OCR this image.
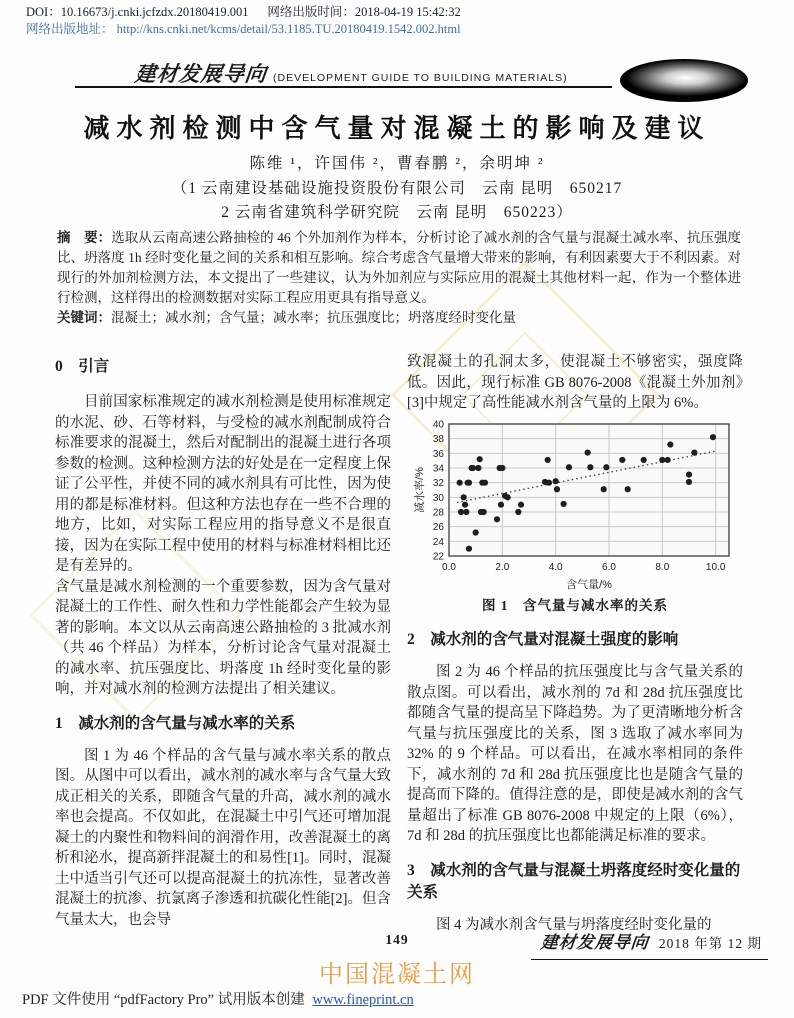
DOI：10.16673/j.cnki.jcfzdx.20180419.001 　 网络出版时间：2018-04-19 15:42:32
网络出版地址： http://kns.cnki.net/kcms/detail/53.1185.TU.20180419.1542.002.html
建材发展导向 (DEVELOPMENT GUIDE TO BUILDING MATERIALS)
减水剂检测中含气量对混凝土的影响及建议
陈维 ¹，许国伟 ²，曹春鹏 ²，余明坤 ²
（1 云南建设基础设施投资股份有限公司　云南 昆明　650217
2 云南省建筑科学研究院　云南 昆明　650223）

摘　要：选取从云南高速公路抽检的 46 个外加剂作为样本，分析讨论了减水剂的含气量与混凝土减水率、抗压强度比、坍落度 1h 经时变化量之间的关系和相互影响。综合考虑含气量增大带来的影响，有利因素要大于不利因素。对现行的外加剂检测方法，本文提出了一些建议，认为外加剂应与实际应用的混凝土其他材料一起，作为一个整体进行检测，这样得出的检测数据对实际工程应用更具有指导意义。

关键词：混凝土；减水剂；含气量；减水率；抗压强度比；坍落度经时变化量

0　引言

目前国家标准规定的减水剂检测是使用标准规定的水泥、砂、石等材料，与受检的减水剂配制成符合标准要求的混凝土，然后对配制出的混凝土进行各项参数的检测。这种检测方法的好处是在一定程度上保证了公平性，并使不同的减水剂具有可比性，因为使用的都是标准材料。但这种方法也存在一些不合理的地方，比如，对实际工程应用的指导意义不是很直接，因为在实际工程中使用的材料与标准材料相比还是有差异的。

含气量是减水剂检测的一个重要参数，因为含气量对混凝土的工作性、耐久性和力学性能都会产生较为显著的影响。本文以从云南高速公路抽检的 3 批减水剂（共 46 个样品）为样本，分析讨论含气量对混凝土的减水率、抗压强度比、坍落度 1h 经时变化量的影响，并对减水剂的检测方法提出了相关建议。

1　减水剂的含气量与减水率的关系

图 1 为 46 个样品的含气量与减水率关系的散点图。从图中可以看出，减水剂的减水率与含气量大致成正相关的关系，即随含气量的升高，减水剂的减水率也会提高。不仅如此，在混凝土中引气还可增加混凝土的内聚性和物料间的润滑作用，改善混凝土的离析和泌水，提高新拌混凝土的和易性[1]。同时，混凝土中适当引气还可以提高混凝土的抗冻性，显著改善混凝土的抗渗、抗氯离子渗透和抗碳化性能[2]。但含气量太大，也会导

致混凝土的孔洞太多，使混凝土不够密实，强度降低。因此，现行标准 GB 8076-2008《混凝土外加剂》[3]中规定了高性能减水剂含气量的上限为 6%。

22
24
26
28
30
32
34
36
38
40
0.0	2.0	4.0	6.0	8.0	10.0
含气量/%
减水率/%
图 1　含气量与减水率的关系
2　减水剂的含气量对混凝土强度的影响

图 2 为 46 个样品的抗压强度比与含气量关系的散点图。可以看出，减水剂的 7d 和 28d 抗压强度比都随含气量的提高呈下降趋势。为了更清晰地分析含气量与抗压强度比的关系，图 3 选取了减水率同为 32% 的 9 个样品。可以看出，在减水率相同的条件下，减水剂的 7d 和 28d 抗压强度比也是随含气量的提高而下降的。值得注意的是，即使是减水剂的含气量超出了标准 GB 8076-2008 中规定的上限（6%），7d 和 28d 的抗压强度比也都能满足标准的要求。

3　减水剂的含气量与混凝土坍落度经时变化量的关系

图 4 为减水剂含气量与坍落度经时变化量的

149	建材发展导向 2018 年第 12 期
中国混凝土网
PDF 文件使用 “pdfFactory Pro” 试用版本创建 www.fineprint.cn
